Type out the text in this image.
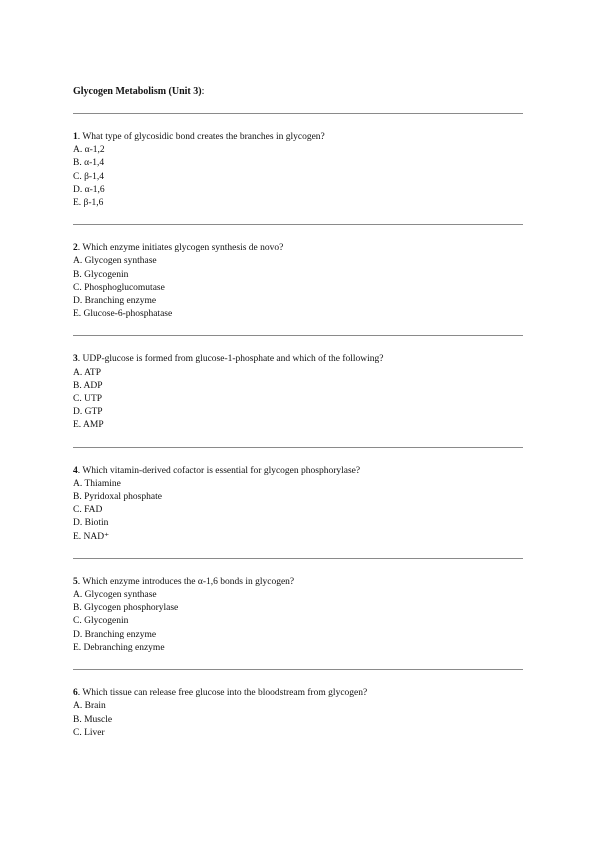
Glycogen Metabolism (Unit 3):
1. What type of glycosidic bond creates the branches in glycogen?
A. α-1,2
B. α-1,4
C. β-1,4
D. α-1,6
E. β-1,6
2. Which enzyme initiates glycogen synthesis de novo?
A. Glycogen synthase
B. Glycogenin
C. Phosphoglucomutase
D. Branching enzyme
E. Glucose-6-phosphatase
3. UDP-glucose is formed from glucose-1-phosphate and which of the following?
A. ATP
B. ADP
C. UTP
D. GTP
E. AMP
4. Which vitamin-derived cofactor is essential for glycogen phosphorylase?
A. Thiamine
B. Pyridoxal phosphate
C. FAD
D. Biotin
E. NAD⁺
5. Which enzyme introduces the α-1,6 bonds in glycogen?
A. Glycogen synthase
B. Glycogen phosphorylase
C. Glycogenin
D. Branching enzyme
E. Debranching enzyme
6. Which tissue can release free glucose into the bloodstream from glycogen?
A. Brain
B. Muscle
C. Liver
